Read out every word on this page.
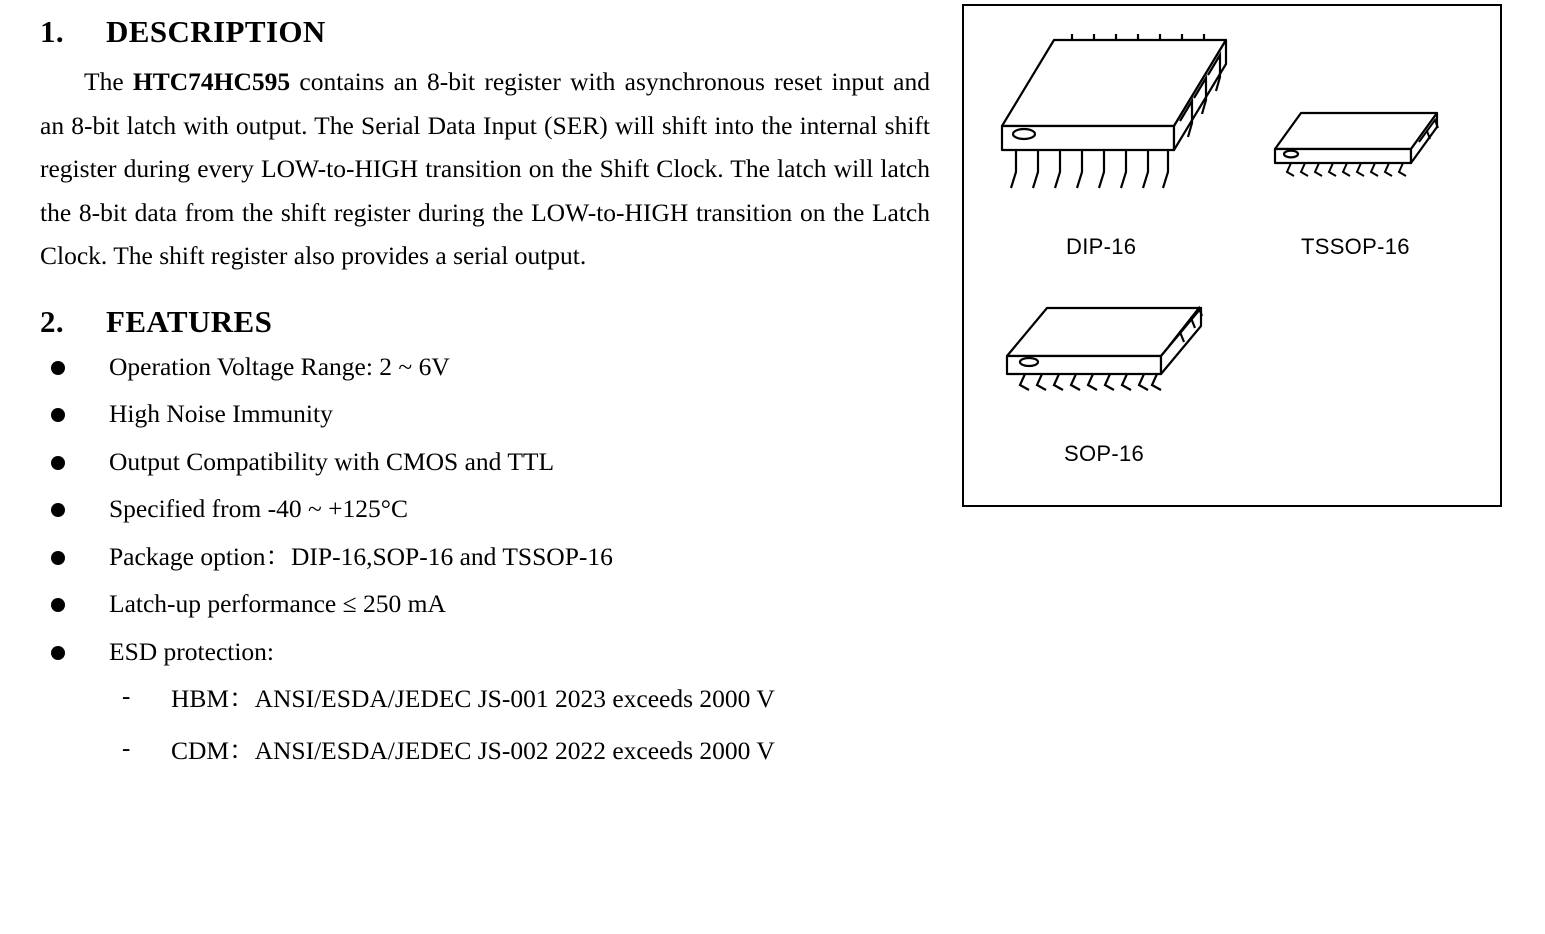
1.	DESCRIPTION

The HTC74HC595 contains an 8-bit register with asynchronous reset input and an 8-bit latch with output. The Serial Data Input (SER) will shift into the internal shift register during every LOW-to-HIGH transition on the Shift Clock. The latch will latch the 8-bit data from the shift register during the LOW-to-HIGH transition on the Latch Clock. The shift register also provides a serial output.

2.	FEATURES
Operation Voltage Range: 2 ~ 6V
High Noise Immunity
Output Compatibility with CMOS and TTL
Specified from -40 ~ +125°C
Package option：DIP-16,SOP-16 and TSSOP-16
Latch-up performance ≤ 250 mA
ESD protection:
- HBM：ANSI/ESDA/JEDEC JS-001 2023 exceeds 2000 V
- CDM：ANSI/ESDA/JEDEC JS-002 2022 exceeds 2000 V
DIP-16	TSSOP-16
SOP-16
